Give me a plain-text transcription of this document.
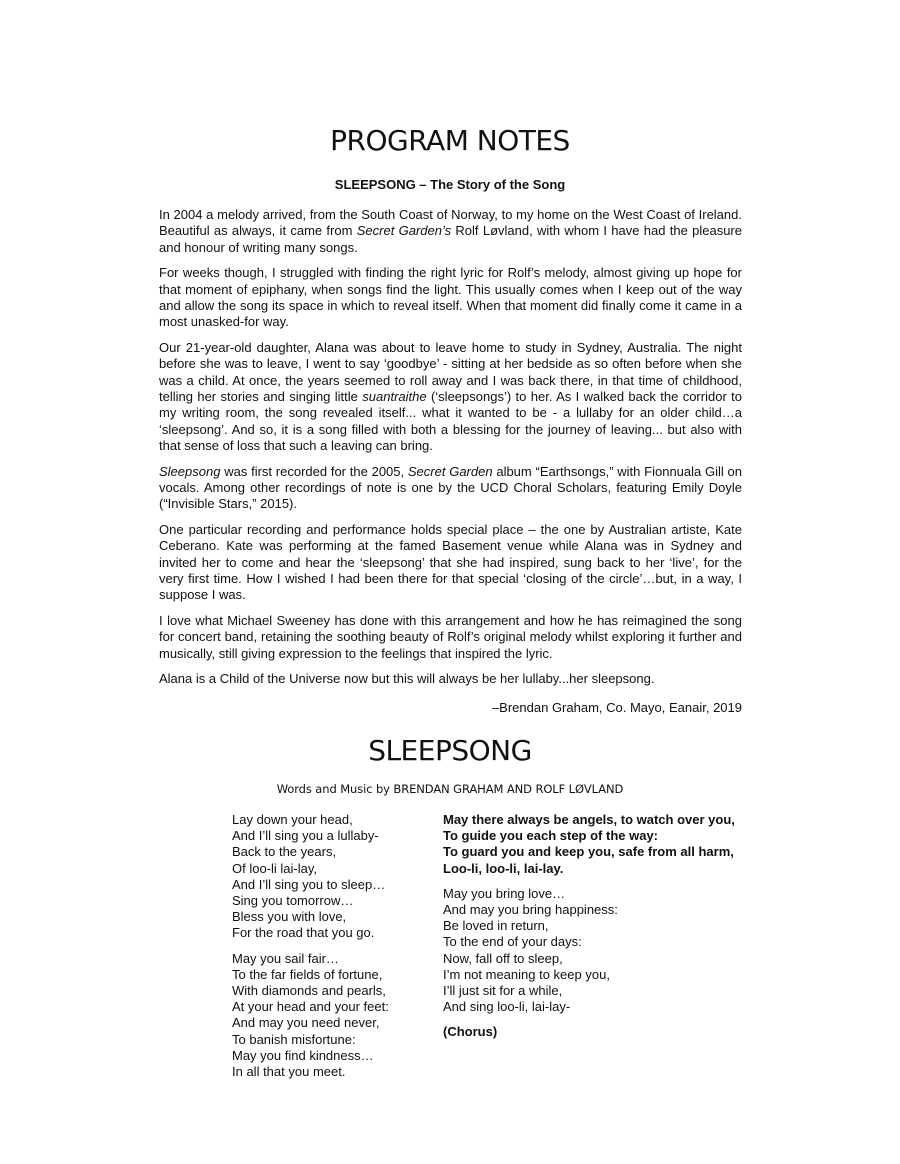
PROGRAM NOTES
SLEEPSONG – The Story of the Song

In 2004 a melody arrived, from the South Coast of Norway, to my home on the West Coast of Ireland. Beautiful as always, it came from Secret Garden’s Rolf Løvland, with whom I have had the pleasure and honour of writing many songs.

For weeks though, I struggled with finding the right lyric for Rolf’s melody, almost giving up hope for that moment of epiphany, when songs find the light. This usually comes when I keep out of the way and allow the song its space in which to reveal itself. When that moment did finally come it came in a most unasked-for way.

Our 21-year-old daughter, Alana was about to leave home to study in Sydney, Australia. The night before she was to leave, I went to say ‘goodbye’ - sitting at her bedside as so often before when she was a child. At once, the years seemed to roll away and I was back there, in that time of childhood, telling her stories and singing little suantraithe (‘sleepsongs’) to her. As I walked back the corridor to my writing room, the song revealed itself... what it wanted to be - a lullaby for an older child…a ‘sleepsong’. And so, it is a song filled with both a blessing for the journey of leaving... but also with that sense of loss that such a leaving can bring.

Sleepsong was first recorded for the 2005, Secret Garden album “Earthsongs,” with Fionnuala Gill on vocals. Among other recordings of note is one by the UCD Choral Scholars, featuring Emily Doyle (“Invisible Stars,” 2015).

One particular recording and performance holds special place – the one by Australian artiste, Kate Ceberano. Kate was performing at the famed Basement venue while Alana was in Sydney and invited her to come and hear the ‘sleepsong’ that she had inspired, sung back to her ‘live’, for the very first time. How I wished I had been there for that special ‘closing of the circle’…but, in a way, I suppose I was.

I love what Michael Sweeney has done with this arrangement and how he has reimagined the song for concert band, retaining the soothing beauty of Rolf’s original melody whilst exploring it further and musically, still giving expression to the feelings that inspired the lyric.

Alana is a Child of the Universe now but this will always be her lullaby...her sleepsong.

–Brendan Graham, Co. Mayo, Eanair, 2019

SLEEPSONG

Words and Music by BRENDAN GRAHAM AND ROLF LØVLAND

Lay down your head,
And I’ll sing you a lullaby-
Back to the years,
Of loo-li lai-lay,
And I’ll sing you to sleep…
Sing you tomorrow…
Bless you with love,
For the road that you go.
May you sail fair…
To the far fields of fortune,
With diamonds and pearls,
At your head and your feet:
And may you need never,
To banish misfortune:
May you find kindness…
In all that you meet.
May there always be angels, to watch over you,
To guide you each step of the way:
To guard you and keep you, safe from all harm,
Loo-li, loo-li, lai-lay.
May you bring love…
And may you bring happiness:
Be loved in return,
To the end of your days:
Now, fall off to sleep,
I’m not meaning to keep you,
I’ll just sit for a while,
And sing loo-li, lai-lay-
(Chorus)
